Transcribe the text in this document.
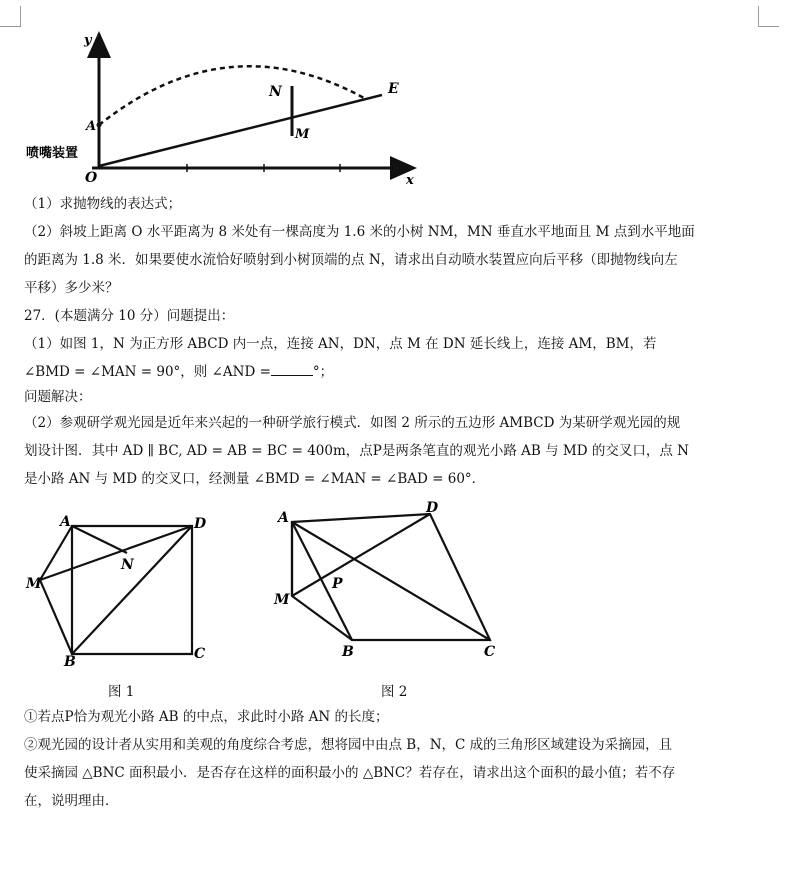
y
x
O
A
N
M
E
喷嘴装置
（1）求抛物线的表达式；
（2）斜坡上距离 O 水平距离为 8 米处有一棵高度为 1.6 米的小树 NM，MN 垂直水平地面且 M 点到水平地面
的距离为 1.8 米．如果要使水流恰好喷射到小树顶端的点 N，请求出自动喷水装置应向后平移（即抛物线向左
平移）多少米？
27．(本题满分 10 分）问题提出：
（1）如图 1，N 为正方形 ABCD 内一点，连接 AN，DN，点 M 在 DN 延长线上，连接 AM，BM，若
∠BMD = ∠MAN = 90°，则 ∠AND =	°；
问题解决：
（2）参观研学观光园是近年来兴起的一种研学旅行模式．如图 2 所示的五边形 AMBCD 为某研学观光园的规
划设计图．其中 AD ∥ BC, AD = AB = BC = 400m，点P是两条笔直的观光小路 AB 与 MD 的交叉口，点 N
是小路 AN 与 MD 的交叉口，经测量 ∠BMD = ∠MAN = ∠BAD = 60°．
A	D
M
N
B	C
A
D
M
P
B	C
图 1	图 2
①若点P恰为观光小路 AB 的中点，求此时小路 AN 的长度；
②观光园的设计者从实用和美观的角度综合考虑，想将园中由点 B，N，C 成的三角形区域建设为采摘园，且
使采摘园 △BNC 面积最小．是否存在这样的面积最小的 △BNC？若存在，请求出这个面积的最小值；若不存
在，说明理由．
